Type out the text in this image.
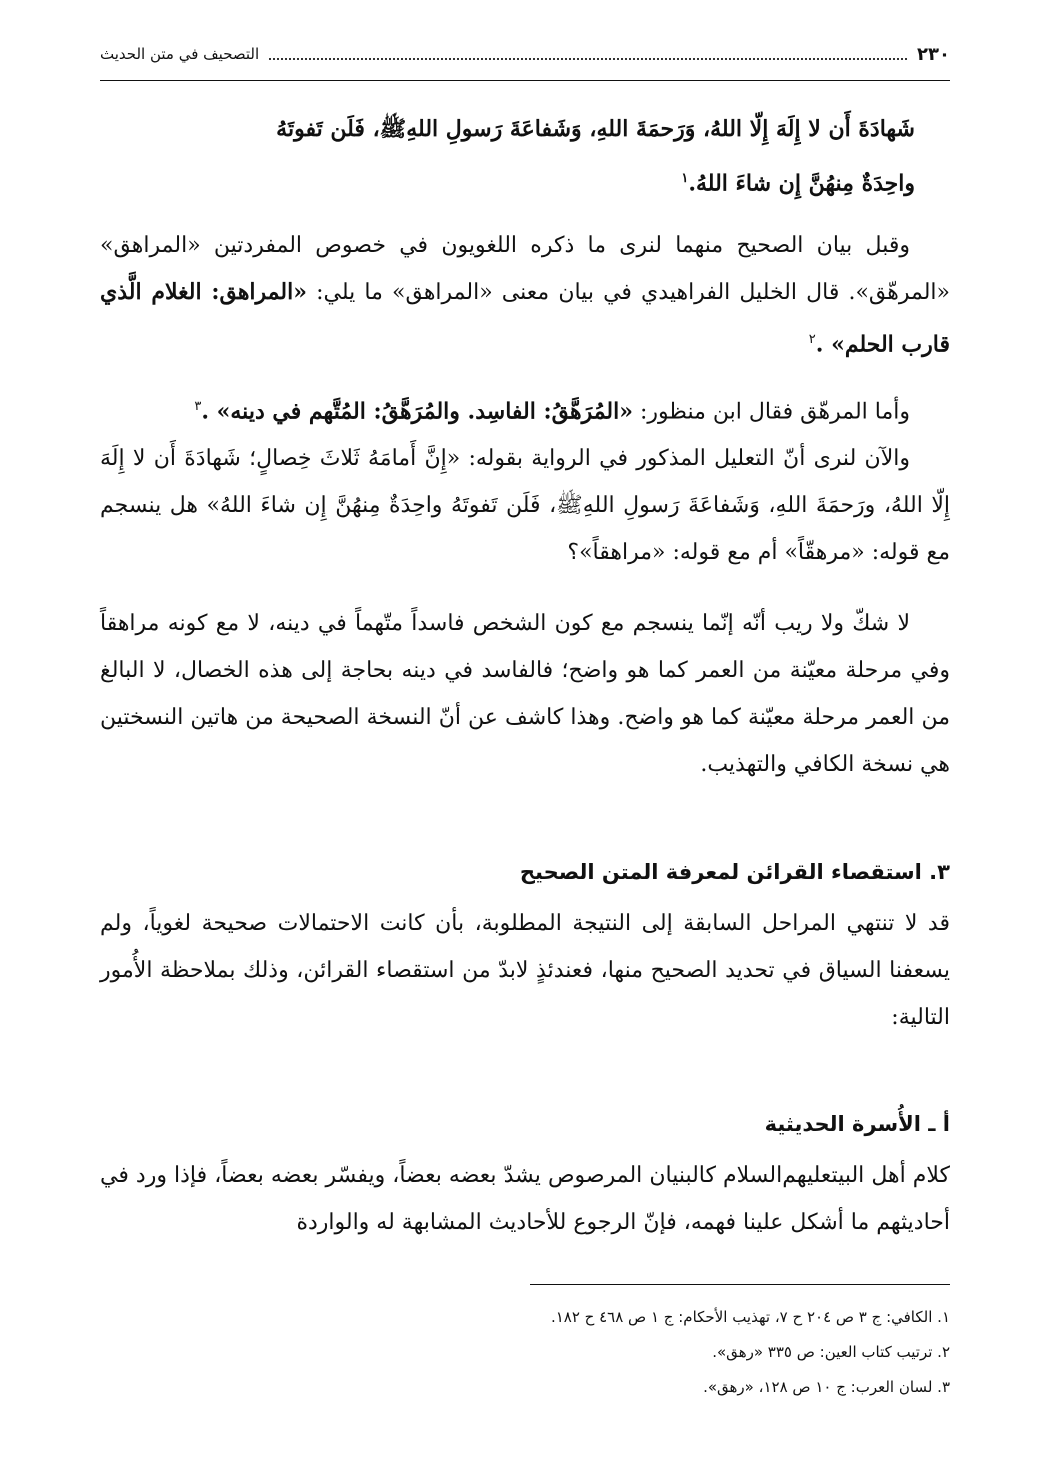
۲۳۰
التصحيف في متن الحديث
شَهادَةَ أَن لا إِلَهَ إِلّا اللهُ، وَرَحمَةَ اللهِ، وَشَفاعَةَ رَسولِ اللهِﷺ، فَلَن تَفوتَهُ
واحِدَةٌ مِنهُنَّ إِن شاءَ اللهُ.$^١$
وقبل بيان الصحيح منهما لنرى ما ذكره اللغويون في خصوص المفردتين «المراهق» «المرهّق». قال الخليل الفراهيدي في بيان معنى «المراهق» ما يلي: «المراهق: الغلام الَّذي قارب الحلم» .$^٢$
وأما المرهّق فقال ابن منظور: «المُرَهَّقُ: الفاسِد. والمُرَهَّقُ: المُتَّهم في دينه» .$^٣$
والآن لنرى أنّ التعليل المذكور في الرواية بقوله: «إِنَّ أَمامَهُ ثَلاثَ خِصالٍ؛ شَهادَةَ أَن لا إِلَهَ إِلّا اللهُ، ورَحمَةَ اللهِ، وَشَفاعَةَ رَسولِ اللهِﷺ، فَلَن تَفوتَهُ واحِدَةٌ مِنهُنَّ إِن شاءَ اللهُ» هل ينسجم مع قوله: «مرهقّاً» أم مع قوله: «مراهقاً»؟
لا شكّ ولا ريب أنّه إنّما ينسجم مع كون الشخص فاسداً متّهماً في دينه، لا مع كونه مراهقاً وفي مرحلة معيّنة من العمر كما هو واضح؛ فالفاسد في دينه بحاجة إلى هذه الخصال، لا البالغ من العمر مرحلة معيّنة كما هو واضح. وهذا كاشف عن أنّ النسخة الصحيحة من هاتين النسختين هي نسخة الكافي والتهذيب.
٣. استقصاء القرائن لمعرفة المتن الصحيح
قد لا تنتهي المراحل السابقة إلى النتيجة المطلوبة، بأن كانت الاحتمالات صحيحة لغوياً، ولم يسعفنا السياق في تحديد الصحيح منها، فعندئذٍ لابدّ من استقصاء القرائن، وذلك بملاحظة الأُمور التالية:
أ ـ الأُسرة الحديثية
كلام أهل البيتعليهم‌السلام كالبنيان المرصوص يشدّ بعضه بعضاً، ويفسّر بعضه بعضاً، فإذا ورد في أحاديثهم ما أشكل علينا فهمه، فإنّ الرجوع للأحاديث المشابهة له والواردة
١. الكافي: ج ٣ ص ٢٠٤ ح ٧، تهذيب الأحكام: ج ١ ص ٤٦٨ ح ١٨٢.
٢. ترتيب كتاب العين: ص ٣٣٥ «رهق».
٣. لسان العرب: ج ١٠ ص ١٢٨، «رهق».
